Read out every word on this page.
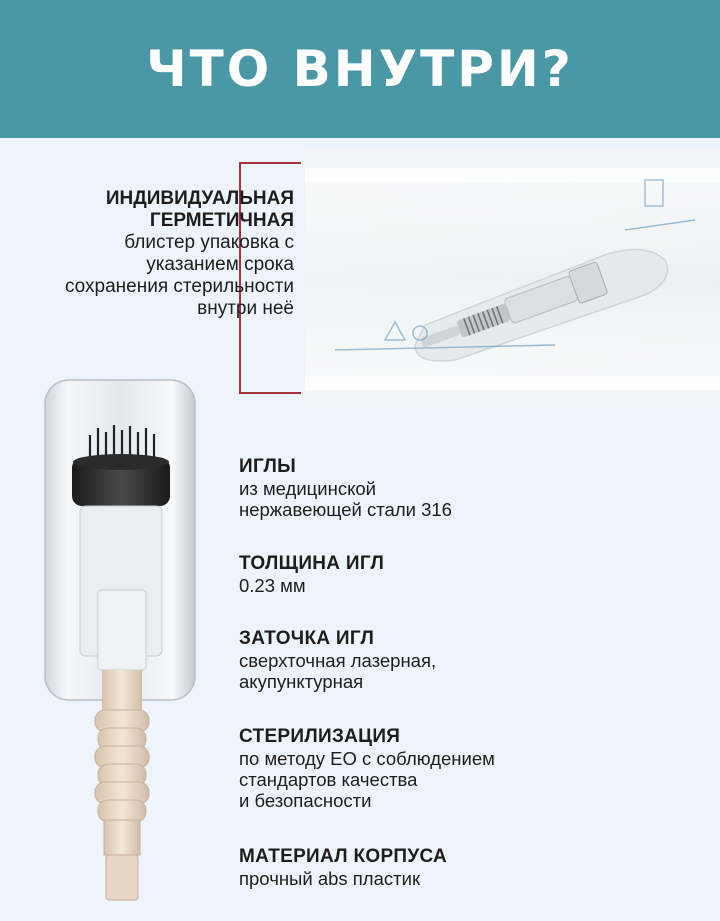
ЧТО ВНУТРИ?
ИНДИВИДУАЛЬНАЯ
ГЕРМЕТИЧНАЯ
блистер упаковка с
указанием срока
сохранения стерильности
внутри неё
ИГЛЫ
из медицинской
нержавеющей стали 316
ТОЛЩИНА ИГЛ
0.23 мм
ЗАТОЧКА ИГЛ
сверхточная лазерная,
акупунктурная
СТЕРИЛИЗАЦИЯ
по методу ЕО с соблюдением
стандартов качества
и безопасности
МАТЕРИАЛ КОРПУСА
прочный abs пластик
